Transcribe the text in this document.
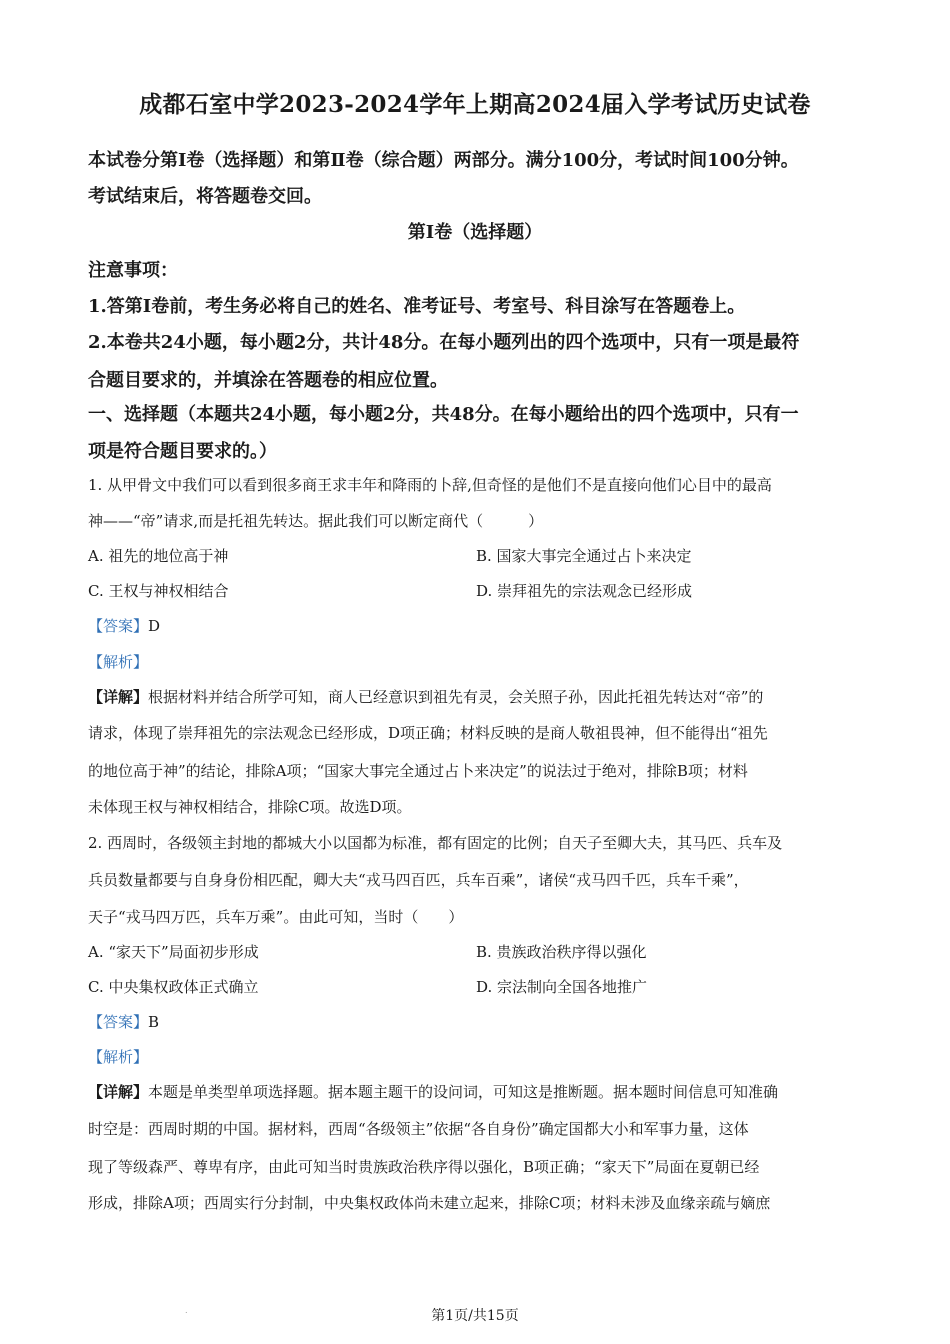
成都石室中学2023-2024学年上期高2024届入学考试历史试卷
本试卷分第Ⅰ卷（选择题）和第Ⅱ卷（综合题）两部分。满分100分，考试时间100分钟。
考试结束后，将答题卷交回。
第Ⅰ卷（选择题）
注意事项：
1.答第Ⅰ卷前，考生务必将自己的姓名、准考证号、考室号、科目涂写在答题卷上。
2.本卷共24小题，每小题2分，共计48分。在每小题列出的四个选项中，只有一项是最符
合题目要求的，并填涂在答题卷的相应位置。
一、选择题（本题共24小题，每小题2分，共48分。在每小题给出的四个选项中，只有一
项是符合题目要求的。）
1. 从甲骨文中我们可以看到很多商王求丰年和降雨的卜辞,但奇怪的是他们不是直接向他们心目中的最高
神——“帝”请求,而是托祖先转达。据此我们可以断定商代（　　　）
A. 祖先的地位高于神	B. 国家大事完全通过占卜来决定
C. 王权与神权相结合	D. 崇拜祖先的宗法观念已经形成
【答案】D
【解析】
【详解】根据材料并结合所学可知，商人已经意识到祖先有灵，会关照子孙，因此托祖先转达对“帝”的
请求，体现了崇拜祖先的宗法观念已经形成，D项正确；材料反映的是商人敬祖畏神，但不能得出“祖先
的地位高于神”的结论，排除A项；“国家大事完全通过占卜来决定”的说法过于绝对，排除B项；材料
未体现王权与神权相结合，排除C项。故选D项。
2. 西周时，各级领主封地的都城大小以国都为标准，都有固定的比例；自天子至卿大夫，其马匹、兵车及
兵员数量都要与自身身份相匹配，卿大夫“戎马四百匹，兵车百乘”，诸侯“戎马四千匹，兵车千乘”，
天子“戎马四万匹，兵车万乘”。由此可知，当时（　　）
A. “家天下”局面初步形成	B. 贵族政治秩序得以强化
C. 中央集权政体正式确立	D. 宗法制向全国各地推广
【答案】B
【解析】
【详解】本题是单类型单项选择题。据本题主题干的设问词，可知这是推断题。据本题时间信息可知准确
时空是：西周时期的中国。据材料，西周“各级领主”依据“各自身份”确定国都大小和军事力量，这体
现了等级森严、尊卑有序，由此可知当时贵族政治秩序得以强化，B项正确；“家天下”局面在夏朝已经
形成，排除A项；西周实行分封制，中央集权政体尚未建立起来，排除C项；材料未涉及血缘亲疏与嫡庶
.	第1页/共15页
